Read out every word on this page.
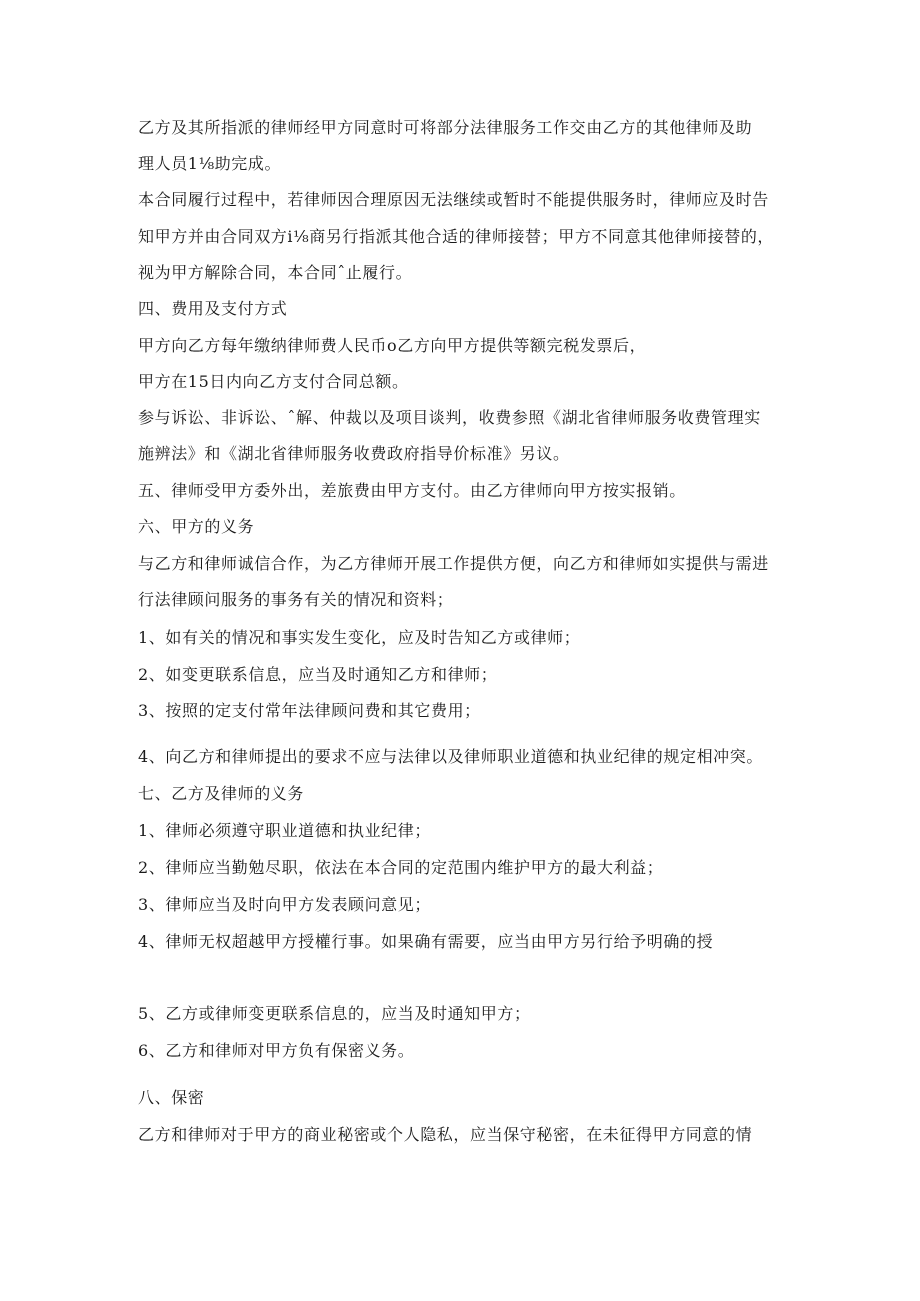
乙方及其所指派的律师经甲方同意时可将部分法律服务工作交由乙方的其他律师及助
理人员1⅛助完成。
本合同履行过程中，若律师因合理原因无法继续或暂时不能提供服务时，律师应及时告
知甲方并由合同双方i⅛商另行指派其他合适的律师接替；甲方不同意其他律师接替的，
视为甲方解除合同，本合同ˆ止履行。
四、费用及支付方式
甲方向乙方每年缴纳律师费人民币o乙方向甲方提供等额完税发票后，
甲方在15日内向乙方支付合同总额。
参与诉讼、非诉讼、ˆ解、仲裁以及项目谈判，收费参照《湖北省律师服务收费管理实
施辨法》和《湖北省律师服务收费政府指导价标准》另议。
五、律师受甲方委外出，差旅费由甲方支付。由乙方律师向甲方按实报销。
六、甲方的义务
与乙方和律师诚信合作，为乙方律师开展工作提供方便，向乙方和律师如实提供与需进
行法律顾问服务的事务有关的情况和资料；
1、如有关的情况和事实发生变化，应及时告知乙方或律师；
2、如变更联系信息，应当及时通知乙方和律师；
3、按照的定支付常年法律顾问费和其它费用；
4、向乙方和律师提出的要求不应与法律以及律师职业道德和执业纪律的规定相冲突。
七、乙方及律师的义务
1、律师必须遵守职业道德和执业纪律；
2、律师应当勤勉尽职，依法在本合同的定范围内维护甲方的最大利益；
3、律师应当及时向甲方发表顾问意见；
4、律师无权超越甲方授權行事。如果确有需要，应当由甲方另行给予明确的授
5、乙方或律师变更联系信息的，应当及时通知甲方；
6、乙方和律师对甲方负有保密义务。
八、保密
乙方和律师对于甲方的商业秘密或个人隐私，应当保守秘密，在未征得甲方同意的情
